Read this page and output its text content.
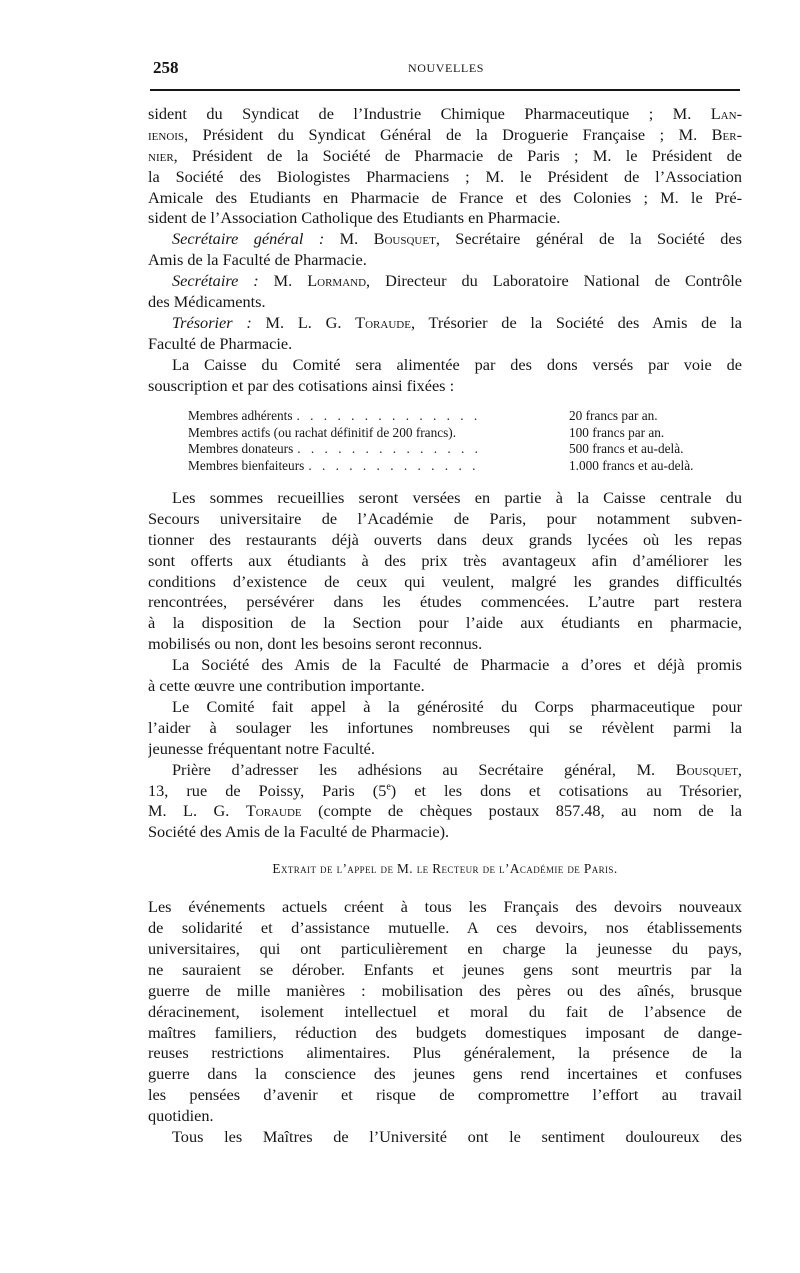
258	NOUVELLES
sident du Syndicat de l’Industrie Chimique Pharmaceutique ; M. Lan-
ienois, Président du Syndicat Général de la Droguerie Française ; M. Ber-
nier, Président de la Société de Pharmacie de Paris ; M. le Président de
la Société des Biologistes Pharmaciens ; M. le Président de l’Association
Amicale des Etudiants en Pharmacie de France et des Colonies ; M. le Pré-
sident de l’Association Catholique des Etudiants en Pharmacie.
Secrétaire général : M. Bousquet, Secrétaire général de la Société des
Amis de la Faculté de Pharmacie.
Secrétaire : M. Lormand, Directeur du Laboratoire National de Contrôle
des Médicaments.
Trésorier : M. L. G. Toraude, Trésorier de la Société des Amis de la
Faculté de Pharmacie.
La Caisse du Comité sera alimentée par des dons versés par voie de
souscription et par des cotisations ainsi fixées :
Membres adhérents . . . . . . . . . . . . . .	20 francs par an.
Membres actifs (ou rachat définitif de 200 francs).	100 francs par an.
Membres donateurs . . . . . . . . . . . . . .	500 francs et au-delà.
Membres bienfaiteurs . . . . . . . . . . . . .	1.000 francs et au-delà.
Les sommes recueillies seront versées en partie à la Caisse centrale du
Secours universitaire de l’Académie de Paris, pour notamment subven-
tionner des restaurants déjà ouverts dans deux grands lycées où les repas
sont offerts aux étudiants à des prix très avantageux afin d’améliorer les
conditions d’existence de ceux qui veulent, malgré les grandes difficultés
rencontrées, persévérer dans les études commencées. L’autre part restera
à la disposition de la Section pour l’aide aux étudiants en pharmacie,
mobilisés ou non, dont les besoins seront reconnus.
La Société des Amis de la Faculté de Pharmacie a d’ores et déjà promis
à cette œuvre une contribution importante.
Le Comité fait appel à la générosité du Corps pharmaceutique pour
l’aider à soulager les infortunes nombreuses qui se révèlent parmi la
jeunesse fréquentant notre Faculté.
Prière d’adresser les adhésions au Secrétaire général, M. Bousquet,
13, rue de Poissy, Paris (5e) et les dons et cotisations au Trésorier,
M. L. G. Toraude (compte de chèques postaux 857.48, au nom de la
Société des Amis de la Faculté de Pharmacie).
Extrait de l’appel de M. le Recteur de l’Académie de Paris.
Les événements actuels créent à tous les Français des devoirs nouveaux
de solidarité et d’assistance mutuelle. A ces devoirs, nos établissements
universitaires, qui ont particulièrement en charge la jeunesse du pays,
ne sauraient se dérober. Enfants et jeunes gens sont meurtris par la
guerre de mille manières : mobilisation des pères ou des aînés, brusque
déracinement, isolement intellectuel et moral du fait de l’absence de
maîtres familiers, réduction des budgets domestiques imposant de dange-
reuses restrictions alimentaires. Plus généralement, la présence de la
guerre dans la conscience des jeunes gens rend incertaines et confuses
les pensées d’avenir et risque de compromettre l’effort au travail
quotidien.
Tous les Maîtres de l’Université ont le sentiment douloureux des
